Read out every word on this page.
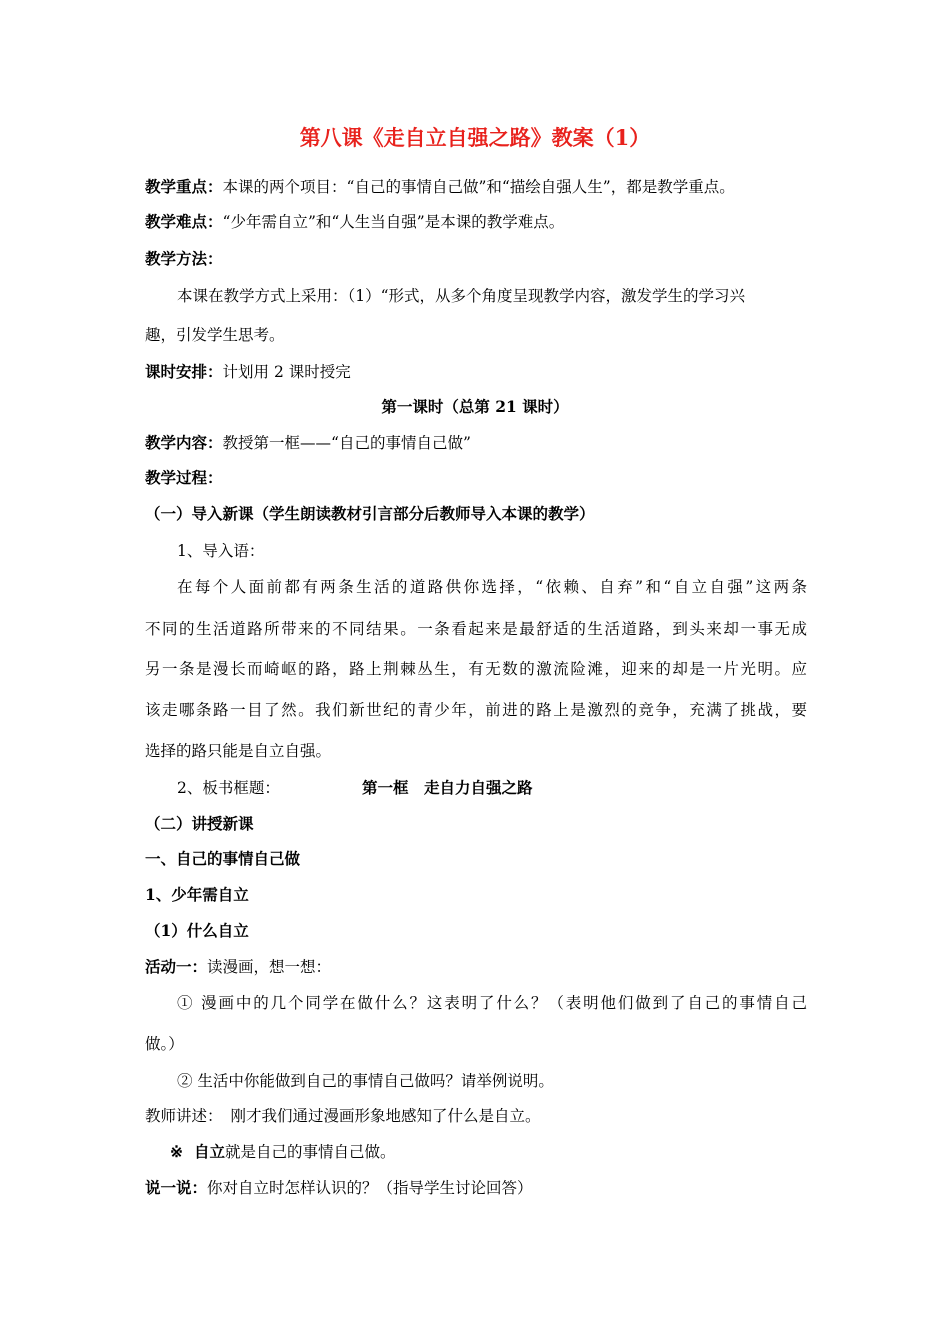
第八课《走自立自强之路》教案（1）
教学重点：本课的两个项目：“自己的事情自己做”和“描绘自强人生”，都是教学重点。
教学难点：“少年需自立”和“人生当自强”是本课的教学难点。
教学方法：
本课在教学方式上采用：（1）“形式，从多个角度呈现教学内容，激发学生的学习兴
趣，引发学生思考。
课时安排：计划用 2 课时授完
第一课时（总第 21 课时）
教学内容：教授第一框——“自己的事情自己做”
教学过程：
（一）导入新课（学生朗读教材引言部分后教师导入本课的教学）
1、导入语：
在每个人面前都有两条生活的道路供你选择，“依赖、自弃”和“自立自强”这两条
不同的生活道路所带来的不同结果。一条看起来是最舒适的生活道路，到头来却一事无成
另一条是漫长而崎岖的路，路上荆棘丛生，有无数的激流险滩，迎来的却是一片光明。应
该走哪条路一目了然。我们新世纪的青少年，前进的路上是激烈的竞争，充满了挑战，要
选择的路只能是自立自强。
2、板书框题：	第一框　走自力自强之路
（二）讲授新课
一、自己的事情自己做
1、少年需自立
（1）什么自立
活动一：读漫画，想一想：
① 漫画中的几个同学在做什么？这表明了什么？（表明他们做到了自己的事情自己
做。）
② 生活中你能做到自己的事情自己做吗？请举例说明。
教师讲述： 刚才我们通过漫画形象地感知了什么是自立。
※ 自立就是自己的事情自己做。
说一说：你对自立时怎样认识的？（指导学生讨论回答）
